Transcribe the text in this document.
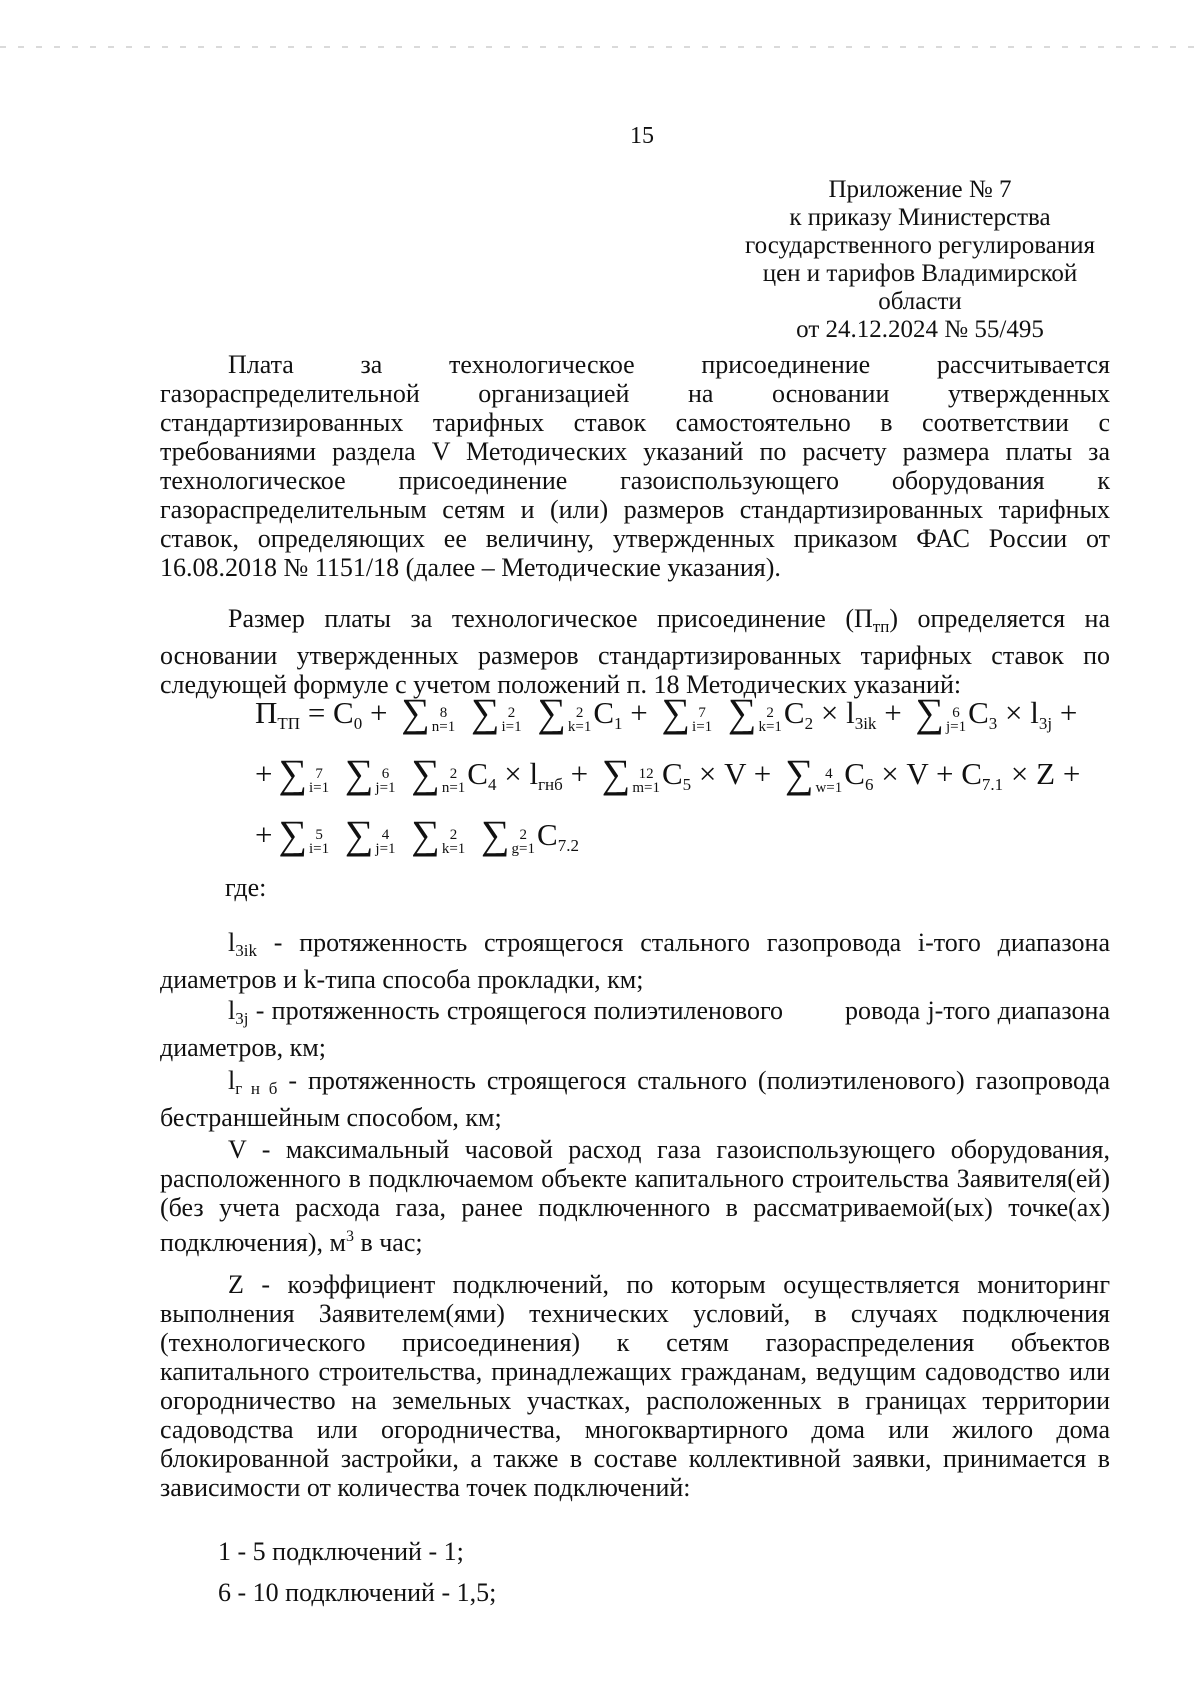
15
Приложение № 7
к приказу Министерства
государственного регулирования
цен и тарифов Владимирской области
от 24.12.2024 № 55/495

Плата за технологическое присоединение рассчитывается газораспределительной организацией на основании утвержденных стандартизированных тарифных ставок самостоятельно в соответствии с требованиями раздела V Методических указаний по расчету размера платы за технологическое присоединение газоиспользующего оборудования к газораспределительным сетям и (или) размеров стандартизированных тарифных ставок, определяющих ее величину, утвержденных приказом ФАС России от 16.08.2018 № 1151/18 (далее – Методические указания).

Размер платы за технологическое присоединение $(П_{тп})$ определяется на основании утвержденных размеров стандартизированных тарифных ставок по следующей формуле с учетом положений п. 18 Методических указаний:

$П_{ТП} = С_0$ + ∑ 8
n=1 ∑ 2
i=1 ∑ 2
k=1 $С_1$ + ∑ 7
i=1 ∑ 2
k=1 $С_2 \times l_{3ik}$ + ∑ 6
j=1 $С_3 \times l_{3j}$ +
+ ∑ 7
i=1 ∑ 6
j=1 ∑ 2
n=1 $С_4 \times l_{гнб}$ + ∑ 12
m=1 $С_5 \times V$ + ∑ 4
w=1 $С_6 \times V + С_{7.1} \times Z$ +
+ ∑ 5
i=1 ∑ 4
j=1 ∑ 2
k=1 ∑ 2
g=1 $С_{7.2}$
где:

$l_{3ik}$ - протяженность строящегося стального газопровода i-того диапазона диаметров и k-типа способа прокладки, км;

$l_{3j}$ - протяженность строящегося полиэтиленового ровода j-того диапазона диаметров, км;

$l_{г н б}$ - протяженность строящегося стального (полиэтиленового) газопровода бестраншейным способом, км;

V - максимальный часовой расход газа газоиспользующего оборудования, расположенного в подключаемом объекте капитального строительства Заявителя(ей) (без учета расхода газа, ранее подключенного в рассматриваемой(ых) точке(ах) подключения), $м^3$ в час;

Z - коэффициент подключений, по которым осуществляется мониторинг выполнения Заявителем(ями) технических условий, в случаях подключения (технологического присоединения) к сетям газораспределения объектов капитального строительства, принадлежащих гражданам, ведущим садоводство или огородничество на земельных участках, расположенных в границах территории садоводства или огородничества, многоквартирного дома или жилого дома блокированной застройки, а также в составе коллективной заявки, принимается в зависимости от количества точек подключений:

1 - 5 подключений - 1;
6 - 10 подключений - 1,5;
